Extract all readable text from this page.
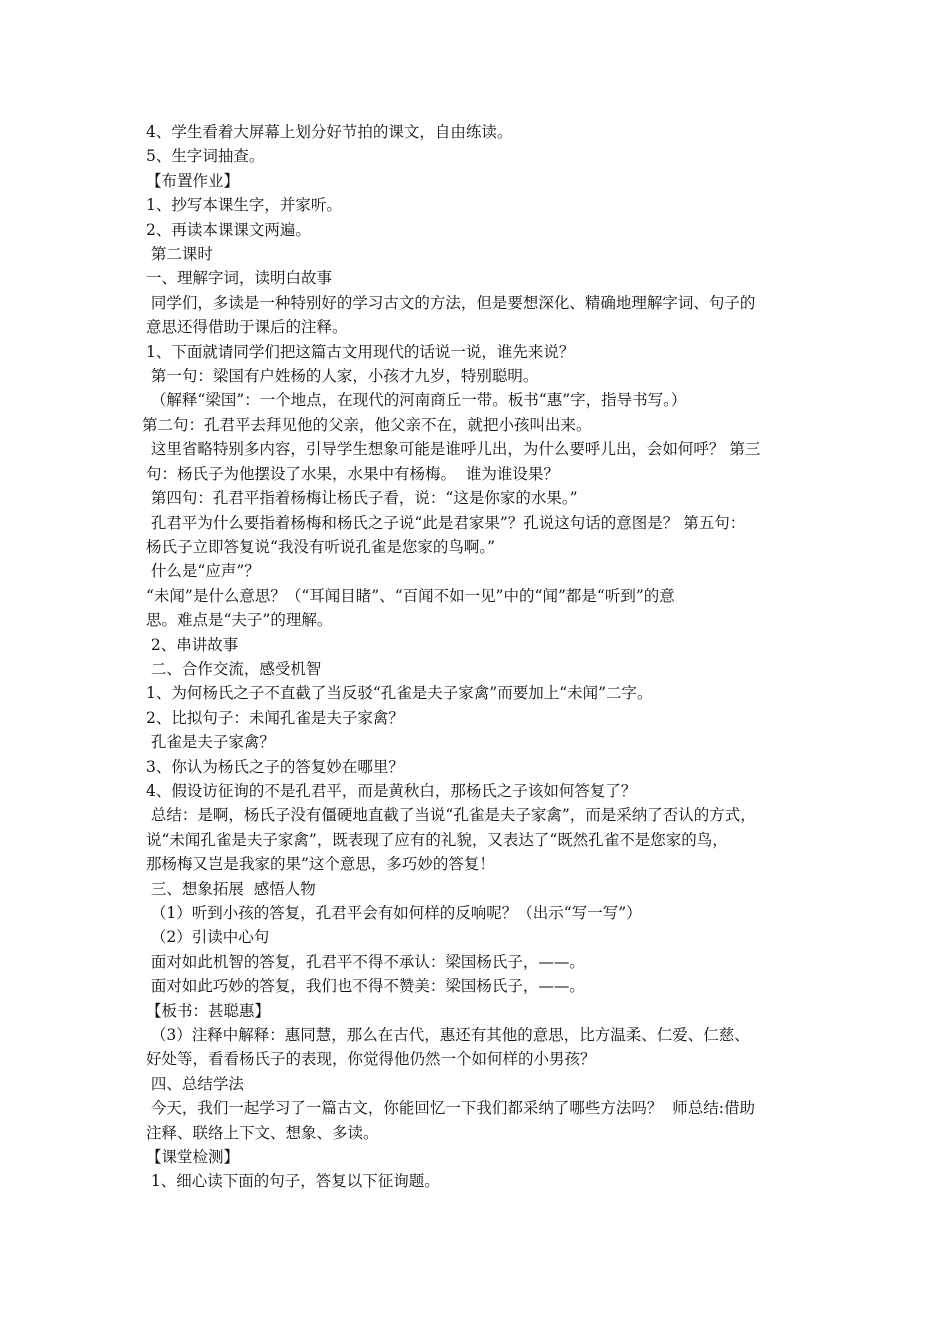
4、学生看着大屏幕上划分好节拍的课文，自由练读。
5、生字词抽查。
【布置作业】
1、抄写本课生字，并家听。
2、再读本课课文两遍。
第二课时
一、理解字词，读明白故事
同学们，多读是一种特别好的学习古文的方法，但是要想深化、精确地理解字词、句子的
意思还得借助于课后的注释。
1、下面就请同学们把这篇古文用现代的话说一说，谁先来说？
第一句：梁国有户姓杨的人家，小孩才九岁，特别聪明。
（解释“梁国”：一个地点，在现代的河南商丘一带。板书“惠”字，指导书写。）
第二句：孔君平去拜见他的父亲，他父亲不在，就把小孩叫出来。
这里省略特别多内容，引导学生想象可能是谁呼儿出，为什么要呼儿出，会如何呼？ 第三
句：杨氏子为他摆设了水果，水果中有杨梅。  谁为谁设果？
第四句：孔君平指着杨梅让杨氏子看，说：“这是你家的水果。”
孔君平为什么要指着杨梅和杨氏之子说“此是君家果”？孔说这句话的意图是？ 第五句：
杨氏子立即答复说“我没有听说孔雀是您家的鸟啊。”
什么是“应声”？
“未闻”是什么意思？（“耳闻目睹”、“百闻不如一见”中的“闻”都是“听到”的意
思。难点是“夫子”的理解。
2、串讲故事
二、合作交流，感受机智
1、为何杨氏之子不直截了当反驳“孔雀是夫子家禽”而要加上“未闻”二字。
2、比拟句子：未闻孔雀是夫子家禽？
孔雀是夫子家禽？
3、你认为杨氏之子的答复妙在哪里？
4、假设访征询的不是孔君平，而是黄秋白，那杨氏之子该如何答复了？
总结：是啊，杨氏子没有僵硬地直截了当说“孔雀是夫子家禽”，而是采纳了否认的方式，
说“未闻孔雀是夫子家禽”，既表现了应有的礼貌，又表达了“既然孔雀不是您家的鸟，
那杨梅又岂是我家的果”这个意思，多巧妙的答复！
三、想象拓展  感悟人物
（1）听到小孩的答复，孔君平会有如何样的反响呢？（出示“写一写”）
（2）引读中心句
面对如此机智的答复，孔君平不得不承认：梁国杨氏子，——。
面对如此巧妙的答复，我们也不得不赞美：梁国杨氏子，——。
【板书：甚聪惠】
（3）注释中解释：惠同慧，那么在古代，惠还有其他的意思，比方温柔、仁爱、仁慈、
好处等，看看杨氏子的表现，你觉得他仍然一个如何样的小男孩？
四、总结学法
今天，我们一起学习了一篇古文，你能回忆一下我们都采纳了哪些方法吗？  师总结:借助
注释、联络上下文、想象、多读。
【课堂检测】
1、细心读下面的句子，答复以下征询题。
